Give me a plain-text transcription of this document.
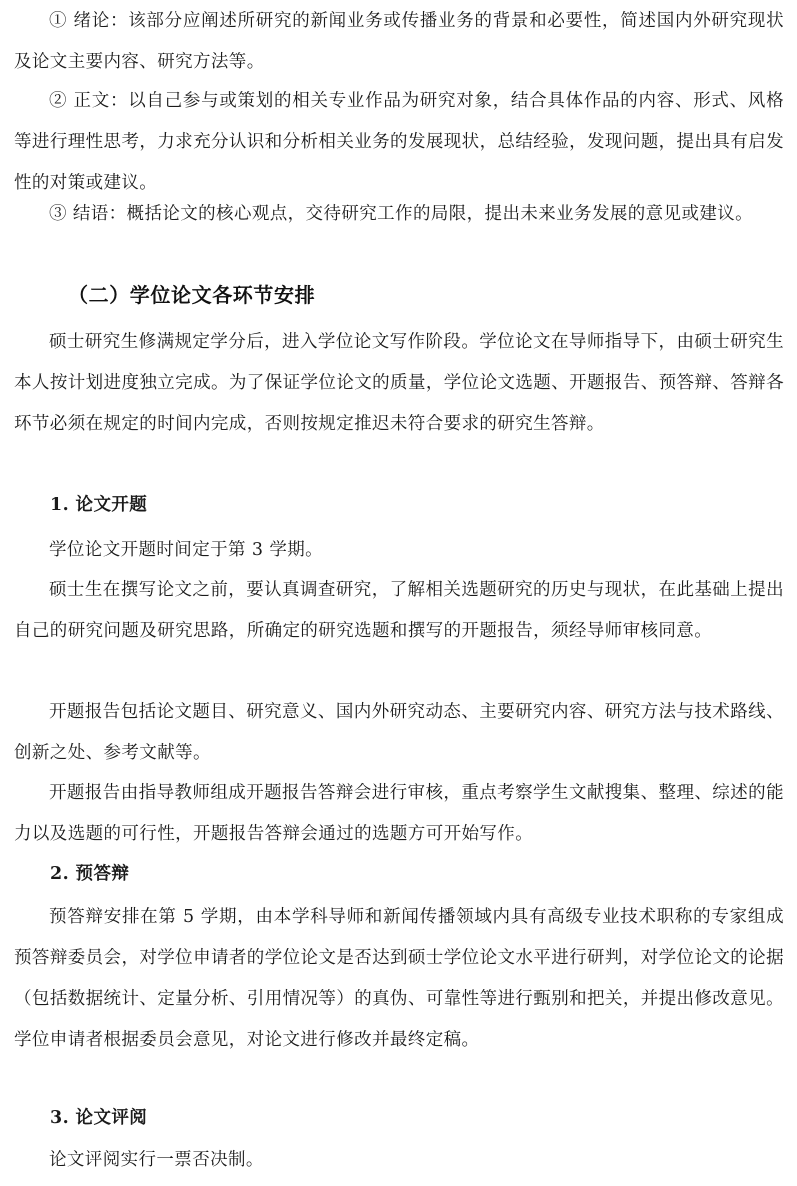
① 绪论：该部分应阐述所研究的新闻业务或传播业务的背景和必要性，简述国内外研究现状及论文主要内容、研究方法等。

② 正文：以自己参与或策划的相关专业作品为研究对象，结合具体作品的内容、形式、风格等进行理性思考，力求充分认识和分析相关业务的发展现状，总结经验，发现问题，提出具有启发性的对策或建议。

③ 结语：概括论文的核心观点，交待研究工作的局限，提出未来业务发展的意见或建议。

（二）学位论文各环节安排

硕士研究生修满规定学分后，进入学位论文写作阶段。学位论文在导师指导下，由硕士研究生本人按计划进度独立完成。为了保证学位论文的质量，学位论文选题、开题报告、预答辩、答辩各环节必须在规定的时间内完成，否则按规定推迟未符合要求的研究生答辩。

1. 论文开题

学位论文开题时间定于第 3 学期。

硕士生在撰写论文之前，要认真调查研究，了解相关选题研究的历史与现状，在此基础上提出自己的研究问题及研究思路，所确定的研究选题和撰写的开题报告，须经导师审核同意。

开题报告包括论文题目、研究意义、国内外研究动态、主要研究内容、研究方法与技术路线、创新之处、参考文献等。

开题报告由指导教师组成开题报告答辩会进行审核，重点考察学生文献搜集、整理、综述的能力以及选题的可行性，开题报告答辩会通过的选题方可开始写作。

2. 预答辩

预答辩安排在第 5 学期，由本学科导师和新闻传播领域内具有高级专业技术职称的专家组成预答辩委员会，对学位申请者的学位论文是否达到硕士学位论文水平进行研判，对学位论文的论据（包括数据统计、定量分析、引用情况等）的真伪、可靠性等进行甄别和把关，并提出修改意见。学位申请者根据委员会意见，对论文进行修改并最终定稿。

3. 论文评阅

论文评阅实行一票否决制。
